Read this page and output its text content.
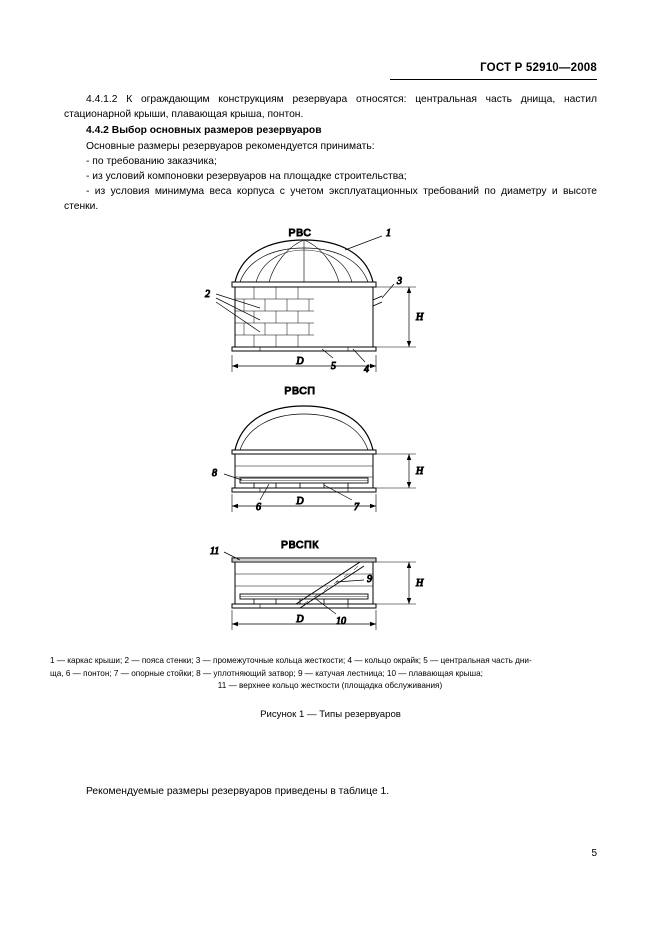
ГОСТ Р 52910—2008

4.4.1.2 К ограждающим конструкциям резервуара относятся: центральная часть днища, настил стационарной крыши, плавающая крыша, понтон.

4.4.2 Выбор основных размеров резервуаров

Основные размеры резервуаров рекомендуется принимать:

- по требованию заказчика;

- из условий компоновки резервуаров на площадке строительства;

- из условия минимума веса корпуса с учетом эксплуатационных требований по диаметру и высоте стенки.

РВС	1
2
3
4
5
D
H
РВСП
8
6	7
D
H
РВСПК
11
9
10
D
H
1 — каркас крыши; 2 — пояса стенки; 3 — промежуточные кольца жесткости; 4 — кольцо окрайк; 5 — центральная часть дни-
ща, 6 — понтон; 7 — опорные стойки; 8 — уплотняющий затвор; 9 — катучая лестница; 10 — плавающая крыша;
11 — верхнее кольцо жесткости (площадка обслуживания)
Рисунок 1 — Типы резервуаров
Рекомендуемые размеры резервуаров приведены в таблице 1.
5
